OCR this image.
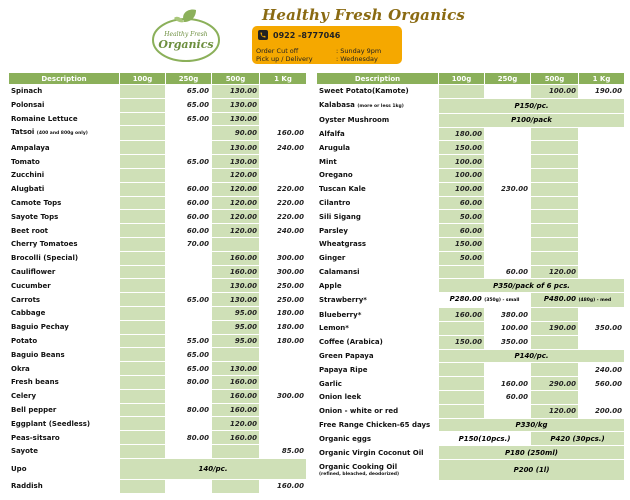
Healthy Fresh
Organics
Healthy Fresh Organics
0922 -8777046
Order Cut off	: Sunday 9pm
Pick up / Delivery	: Wednesday
Description	100g	250g	500g	1 Kg
Spinach		65.00	130.00	
Polonsai		65.00	130.00	
Romaine Lettuce		65.00	130.00	
Tatsoi (400 and 800g only)			90.00	160.00
Ampalaya			130.00	240.00
Tomato		65.00	130.00	
Zucchini			120.00	
Alugbati		60.00	120.00	220.00
Camote Tops		60.00	120.00	220.00
Sayote Tops		60.00	120.00	220.00
Beet root		60.00	120.00	240.00
Cherry Tomatoes		70.00		
Brocolli (Special)			160.00	300.00
Cauliflower			160.00	300.00
Cucumber			130.00	250.00
Carrots		65.00	130.00	250.00
Cabbage			95.00	180.00
Baguio Pechay			95.00	180.00
Potato		55.00	95.00	180.00
Baguio Beans		65.00		
Okra		65.00	130.00	
Fresh beans		80.00	160.00	
Celery			160.00	300.00
Bell pepper		80.00	160.00	
Eggplant (Seedless)			120.00	
Peas-sitsaro		80.00	160.00	
Sayote				85.00
Upo	140/pc.			
Raddish				160.00
Description	100g	250g	500g	1 Kg
Sweet Potato(Kamote)			100.00	190.00
Kalabasa (more or less 1kg)	P150/pc.			
Oyster Mushroom	P100/pack			
Alfalfa	180.00			
Arugula	150.00			
Mint	100.00			
Oregano	100.00			
Tuscan Kale	100.00	230.00		
Cilantro	60.00			
Sili Sigang	50.00			
Parsley	60.00			
Wheatgrass	150.00			
Ginger	50.00			
Calamansi		60.00	120.00	
Apple	P350/pack of 6 pcs.			
Strawberry*	P280.00 (350g) - small		P480.00 (480g) - med	
Blueberry*	160.00	380.00		
Lemon*		100.00	190.00	350.00
Coffee (Arabica)	150.00	350.00		
Green Papaya	P140/pc.			
Papaya Ripe				240.00
Garlic		160.00	290.00	560.00
Onion leek		60.00		
Onion - white or red			120.00	200.00
Free Range Chicken-65 days	P330/kg			
Organic eggs	P150(10pcs.)		P420 (30pcs.)	
Organic Virgin Coconut Oil	P180 (250ml)			
Organic Cooking Oil
(refined, bleached, deodorized)	P200 (1l)			
